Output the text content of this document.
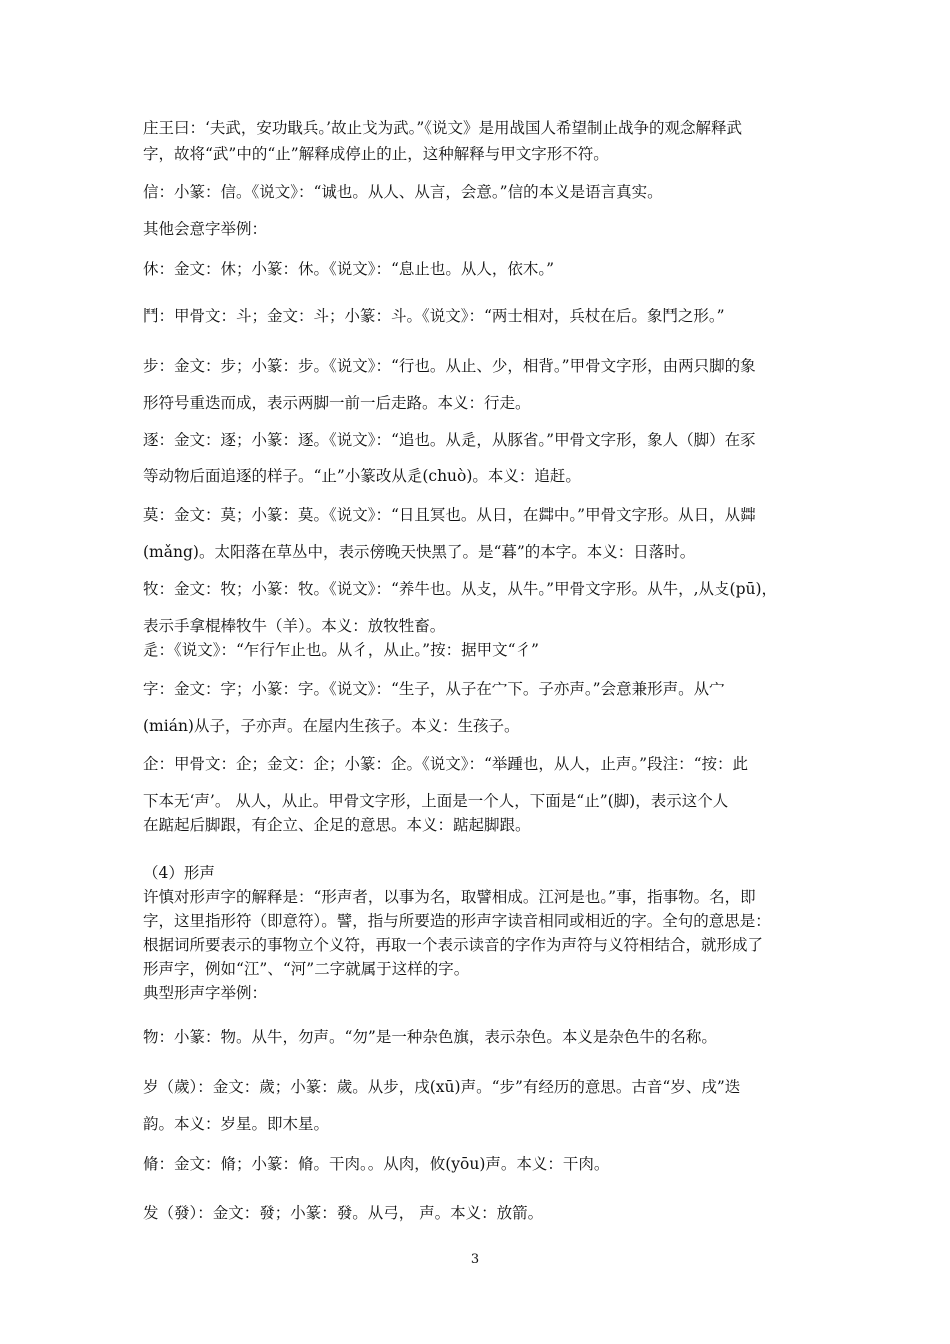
庄王曰：‘夫武，安功戢兵。’故止戈为武。”《说文》是用战国人希望制止战争的观念解释武
字，故将“武”中的“止”解释成停止的止，这种解释与甲文字形不符。
信：小篆：信。《说文》：“诚也。从人、从言，会意。”信的本义是语言真实。
其他会意字举例：
休：金文：休；小篆：休。《说文》：“息止也。从人，依木。”
鬥：甲骨文：斗；金文：斗；小篆：斗。《说文》：“两士相对，兵杖在后。象鬥之形。”
步：金文：步；小篆：步。《说文》：“行也。从止、少，相背。”甲骨文字形，由两只脚的象
形符号重迭而成，表示两脚一前一后走路。本义：行走。
逐：金文：逐；小篆：逐。《说文》：“追也。从辵，从豚省。”甲骨文字形，象人（脚）在豕
等动物后面追逐的样子。“止”小篆改从辵(chuò)。本义：追赶。
莫：金文：莫；小篆：莫。《说文》：“日且冥也。从日，在茻中。”甲骨文字形。从日，从茻
(mǎng)。太阳落在草丛中，表示傍晚天快黑了。是“暮”的本字。本义：日落时。
牧：金文：牧；小篆：牧。《说文》：“养牛也。从攴，从牛。”甲骨文字形。从牛，,从攴(pū)，
表示手拿棍棒牧牛（羊）。本义：放牧牲畜。
辵：《说文》：“乍行乍止也。从彳，从止。”按：据甲文“彳”
字：金文：字；小篆：字。《说文》：“生子，从子在宀下。子亦声。”会意兼形声。从宀
(mián)从子，子亦声。在屋内生孩子。本义：生孩子。
企：甲骨文：企；金文：企；小篆：企。《说文》：“举踵也，从人，止声。”段注：“按：此
下本无‘声’。 从人，从止。甲骨文字形，上面是一个人，下面是“止”(脚)，表示这个人
在踮起后脚跟，有企立、企足的意思。本义：踮起脚跟。
（4）形声
许慎对形声字的解释是：“形声者，以事为名，取譬相成。江河是也。”事，指事物。名，即
字，这里指形符（即意符）。譬，指与所要造的形声字读音相同或相近的字。全句的意思是：
根据词所要表示的事物立个义符，再取一个表示读音的字作为声符与义符相结合，就形成了
形声字，例如“江”、“河”二字就属于这样的字。
典型形声字举例：
物：小篆：物。从牛，勿声。“勿”是一种杂色旗，表示杂色。本义是杂色牛的名称。
岁（歲）：金文：歲；小篆：歲。从步，戌(xū)声。“步”有经历的意思。古音“岁、戌”迭
韵。本义：岁星。即木星。
脩：金文：脩；小篆：脩。干肉。。从肉，攸(yōu)声。本义：干肉。
发（發）：金文：發；小篆：發。从弓， 声。本义：放箭。
3
